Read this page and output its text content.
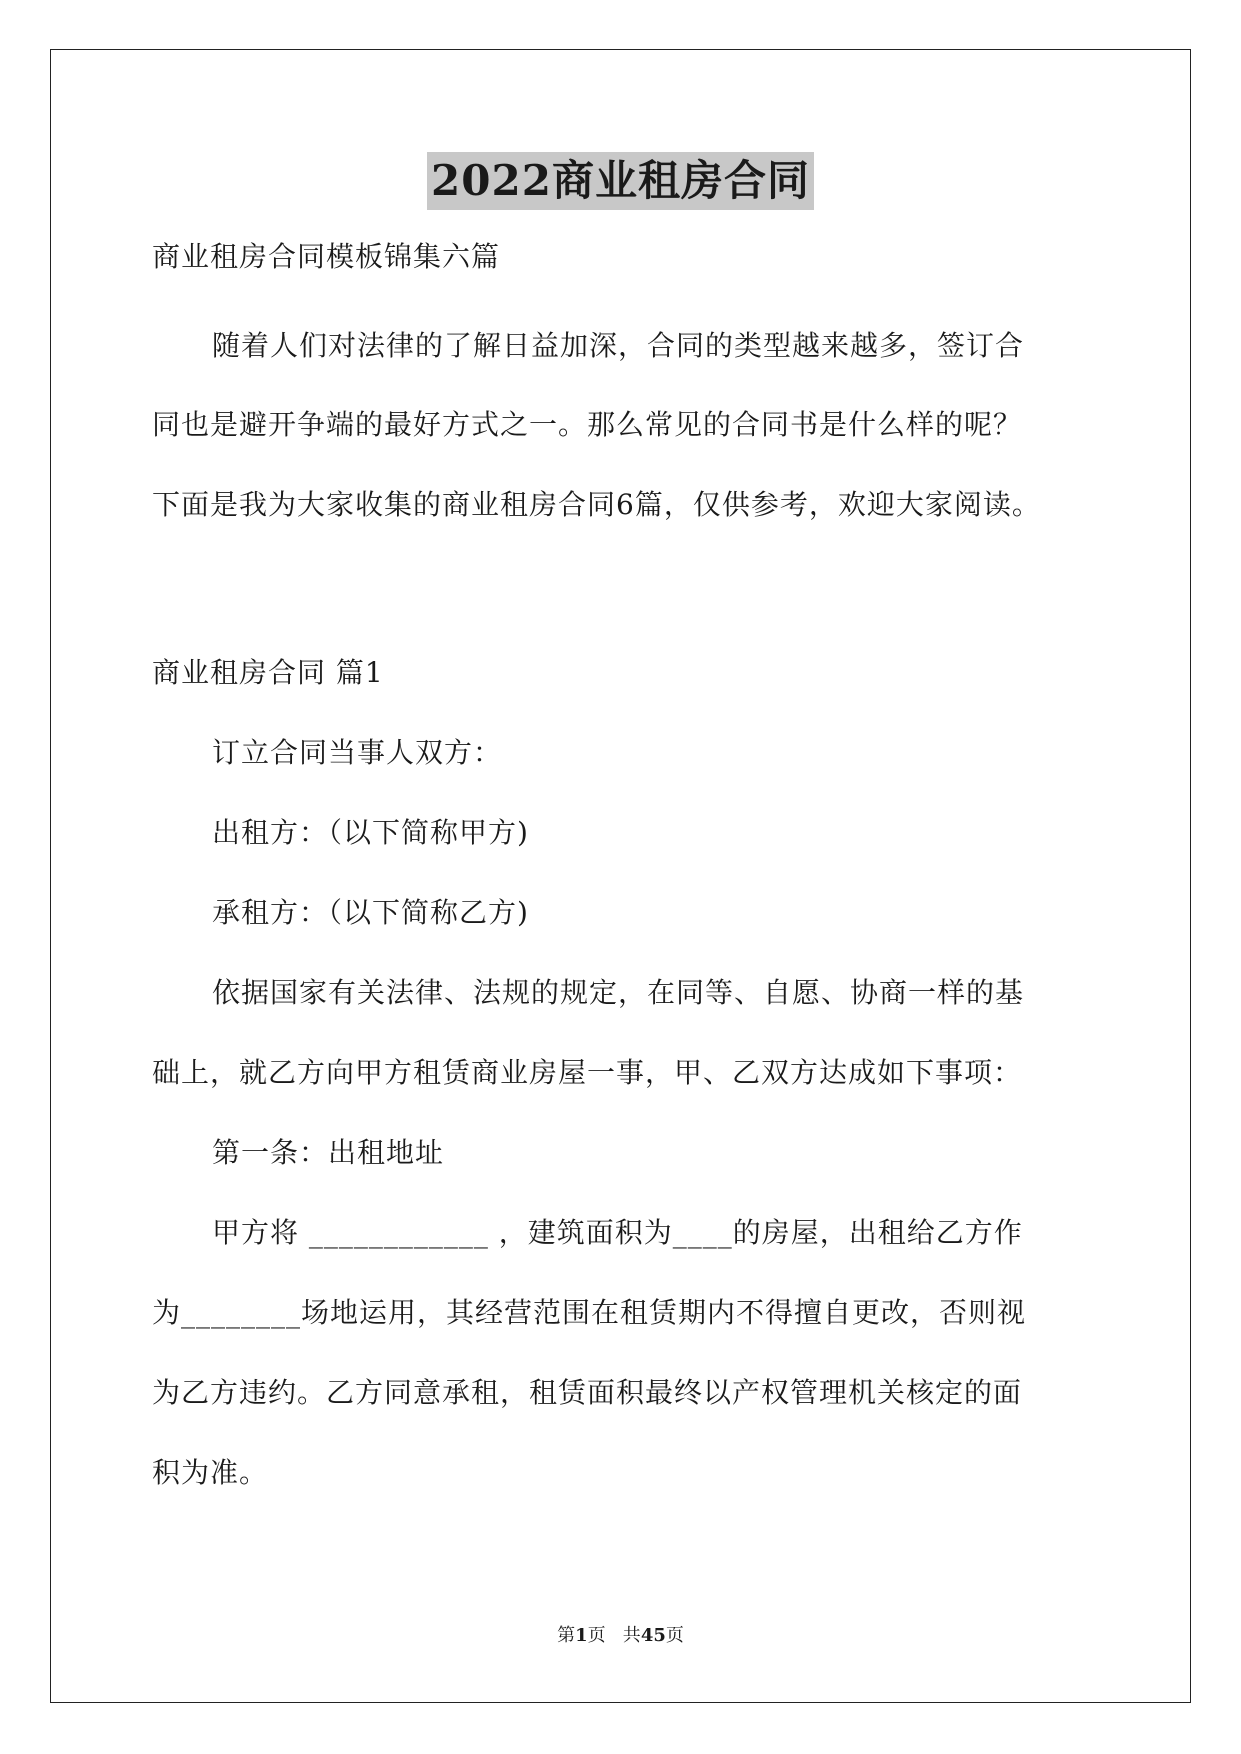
2022商业租房合同
商业租房合同模板锦集六篇
随着人们对法律的了解日益加深，合同的类型越来越多，签订合
同也是避开争端的最好方式之一。那么常见的合同书是什么样的呢？
下面是我为大家收集的商业租房合同6篇，仅供参考，欢迎大家阅读。
商业租房合同 篇1
订立合同当事人双方：
出租方：（以下简称甲方)
承租方：（以下简称乙方)
依据国家有关法律、法规的规定，在同等、自愿、协商一样的基
础上，就乙方向甲方租赁商业房屋一事，甲、乙双方达成如下事项：
第一条：出租地址
甲方将 ____________ ，建筑面积为____的房屋，出租给乙方作
为________场地运用，其经营范围在租赁期内不得擅自更改，否则视
为乙方违约。乙方同意承租，租赁面积最终以产权管理机关核定的面
积为准。
第1页   共45页
